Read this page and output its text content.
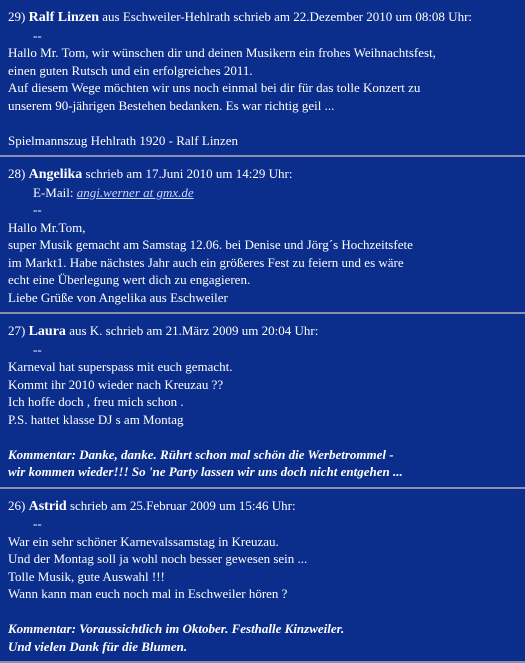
29) Ralf Linzen aus Eschweiler-Hehlrath schrieb am 22.Dezember 2010 um 08:08 Uhr:
--
Hallo Mr. Tom, wir wünschen dir und deinen Musikern ein frohes Weihnachtsfest,
einen guten Rutsch und ein erfolgreiches 2011.
Auf diesem Wege möchten wir uns noch einmal bei dir für das tolle Konzert zu
unserem 90-jährigen Bestehen bedanken. Es war richtig geil ...
Spielmannszug Hehlrath 1920 - Ralf Linzen
28) Angelika schrieb am 17.Juni 2010 um 14:29 Uhr:
E-Mail: angi.werner at gmx.de
--
Hallo Mr.Tom,
super Musik gemacht am Samstag 12.06. bei Denise und Jörg´s Hochzeitsfete
im Markt1. Habe nächstes Jahr auch ein größeres Fest zu feiern und es wäre
echt eine Überlegung wert dich zu engagieren.
Liebe Grüße von Angelika aus Eschweiler
27) Laura aus K. schrieb am 21.März 2009 um 20:04 Uhr:
--
Karneval hat superspass mit euch gemacht.
Kommt ihr 2010 wieder nach Kreuzau ??
Ich hoffe doch , freu mich schon .
P.S. hattet klasse DJ s am Montag
Kommentar: Danke, danke. Rührt schon mal schön die Werbetrommel -
wir kommen wieder!!! So 'ne Party lassen wir uns doch nicht entgehen ...
26) Astrid schrieb am 25.Februar 2009 um 15:46 Uhr:
--
War ein sehr schöner Karnevalssamstag in Kreuzau.
Und der Montag soll ja wohl noch besser gewesen sein ...
Tolle Musik, gute Auswahl !!!
Wann kann man euch noch mal in Eschweiler hören ?
Kommentar: Voraussichtlich im Oktober. Festhalle Kinzweiler.
Und vielen Dank für die Blumen.
